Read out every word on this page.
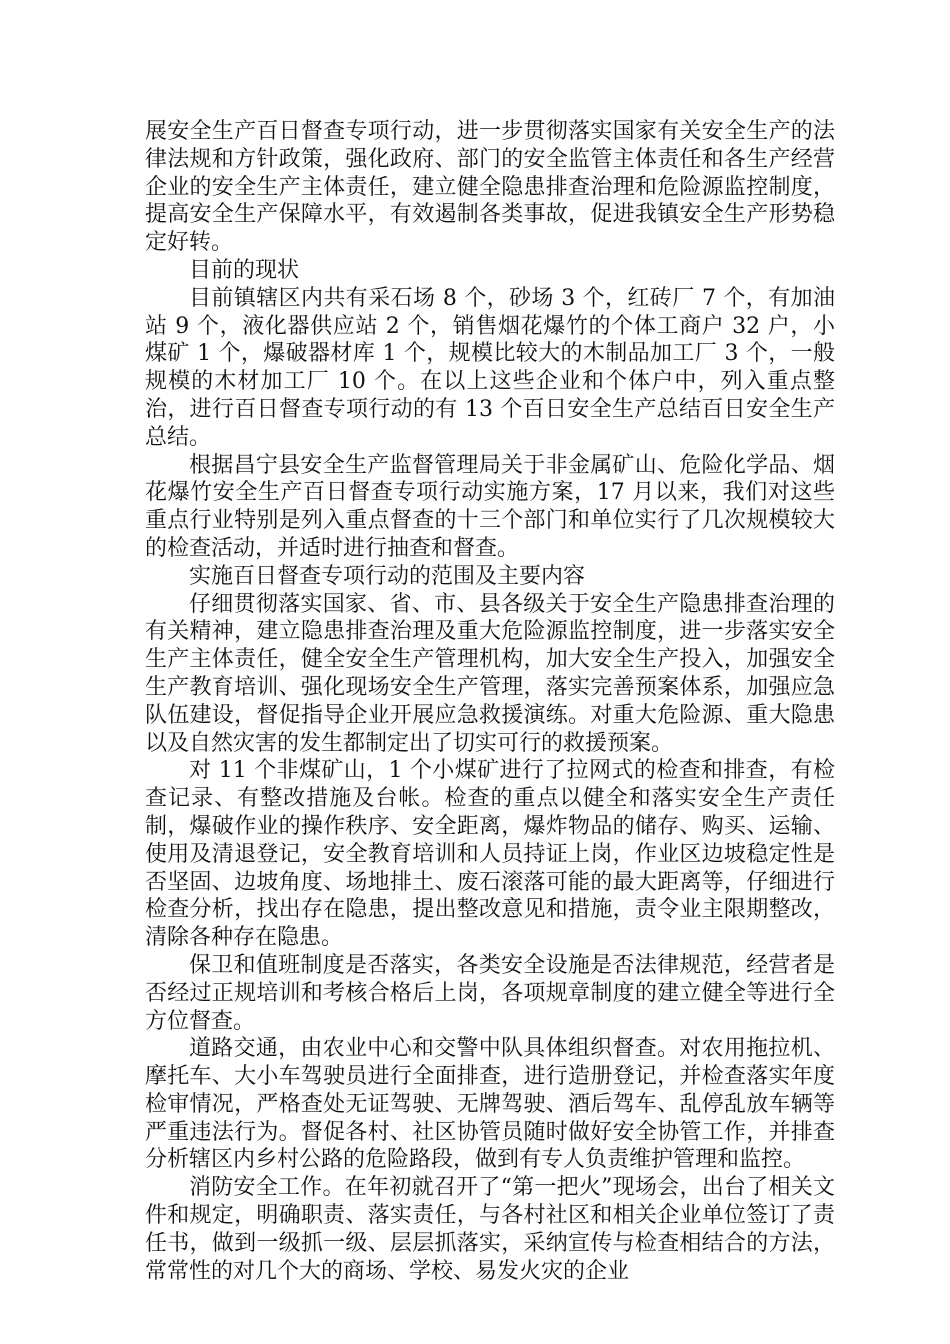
展安全生产百日督查专项行动，进一步贯彻落实国家有关安全生产的法律法规和方针政策，强化政府、部门的安全监管主体责任和各生产经营企业的安全生产主体责任，建立健全隐患排查治理和危险源监控制度，提高安全生产保障水平，有效遏制各类事故，促进我镇安全生产形势稳定好转。

目前的现状

目前镇辖区内共有采石场 8 个，砂场 3 个，红砖厂 7 个，有加油站 9 个，液化器供应站 2 个，销售烟花爆竹的个体工商户 32 户，小煤矿 1 个，爆破器材库 1 个，规模比较大的木制品加工厂 3 个，一般规模的木材加工厂 10 个。在以上这些企业和个体户中，列入重点整治，进行百日督查专项行动的有 13 个百日安全生产总结百日安全生产总结。

根据昌宁县安全生产监督管理局关于非金属矿山、危险化学品、烟花爆竹安全生产百日督查专项行动实施方案，17 月以来，我们对这些重点行业特别是列入重点督查的十三个部门和单位实行了几次规模较大的检查活动，并适时进行抽查和督查。

实施百日督查专项行动的范围及主要内容

仔细贯彻落实国家、省、市、县各级关于安全生产隐患排查治理的有关精神，建立隐患排查治理及重大危险源监控制度，进一步落实安全生产主体责任，健全安全生产管理机构，加大安全生产投入，加强安全生产教育培训、强化现场安全生产管理，落实完善预案体系，加强应急队伍建设，督促指导企业开展应急救援演练。对重大危险源、重大隐患以及自然灾害的发生都制定出了切实可行的救援预案。

对 11 个非煤矿山，1 个小煤矿进行了拉网式的检查和排查，有检查记录、有整改措施及台帐。检查的重点以健全和落实安全生产责任制，爆破作业的操作秩序、安全距离，爆炸物品的储存、购买、运输、使用及清退登记，安全教育培训和人员持证上岗，作业区边坡稳定性是否坚固、边坡角度、场地排土、废石滚落可能的最大距离等，仔细进行检查分析，找出存在隐患，提出整改意见和措施，责令业主限期整改，清除各种存在隐患。

保卫和值班制度是否落实，各类安全设施是否法律规范，经营者是否经过正规培训和考核合格后上岗，各项规章制度的建立健全等进行全方位督查。

道路交通，由农业中心和交警中队具体组织督查。对农用拖拉机、摩托车、大小车驾驶员进行全面排查，进行造册登记，并检查落实年度检审情况，严格查处无证驾驶、无牌驾驶、酒后驾车、乱停乱放车辆等严重违法行为。督促各村、社区协管员随时做好安全协管工作，并排查分析辖区内乡村公路的危险路段，做到有专人负责维护管理和监控。

消防安全工作。在年初就召开了“第一把火”现场会，出台了相关文件和规定，明确职责、落实责任，与各村社区和相关企业单位签订了责任书，做到一级抓一级、层层抓落实，采纳宣传与检查相结合的方法，常常性的对几个大的商场、学校、易发火灾的企业
